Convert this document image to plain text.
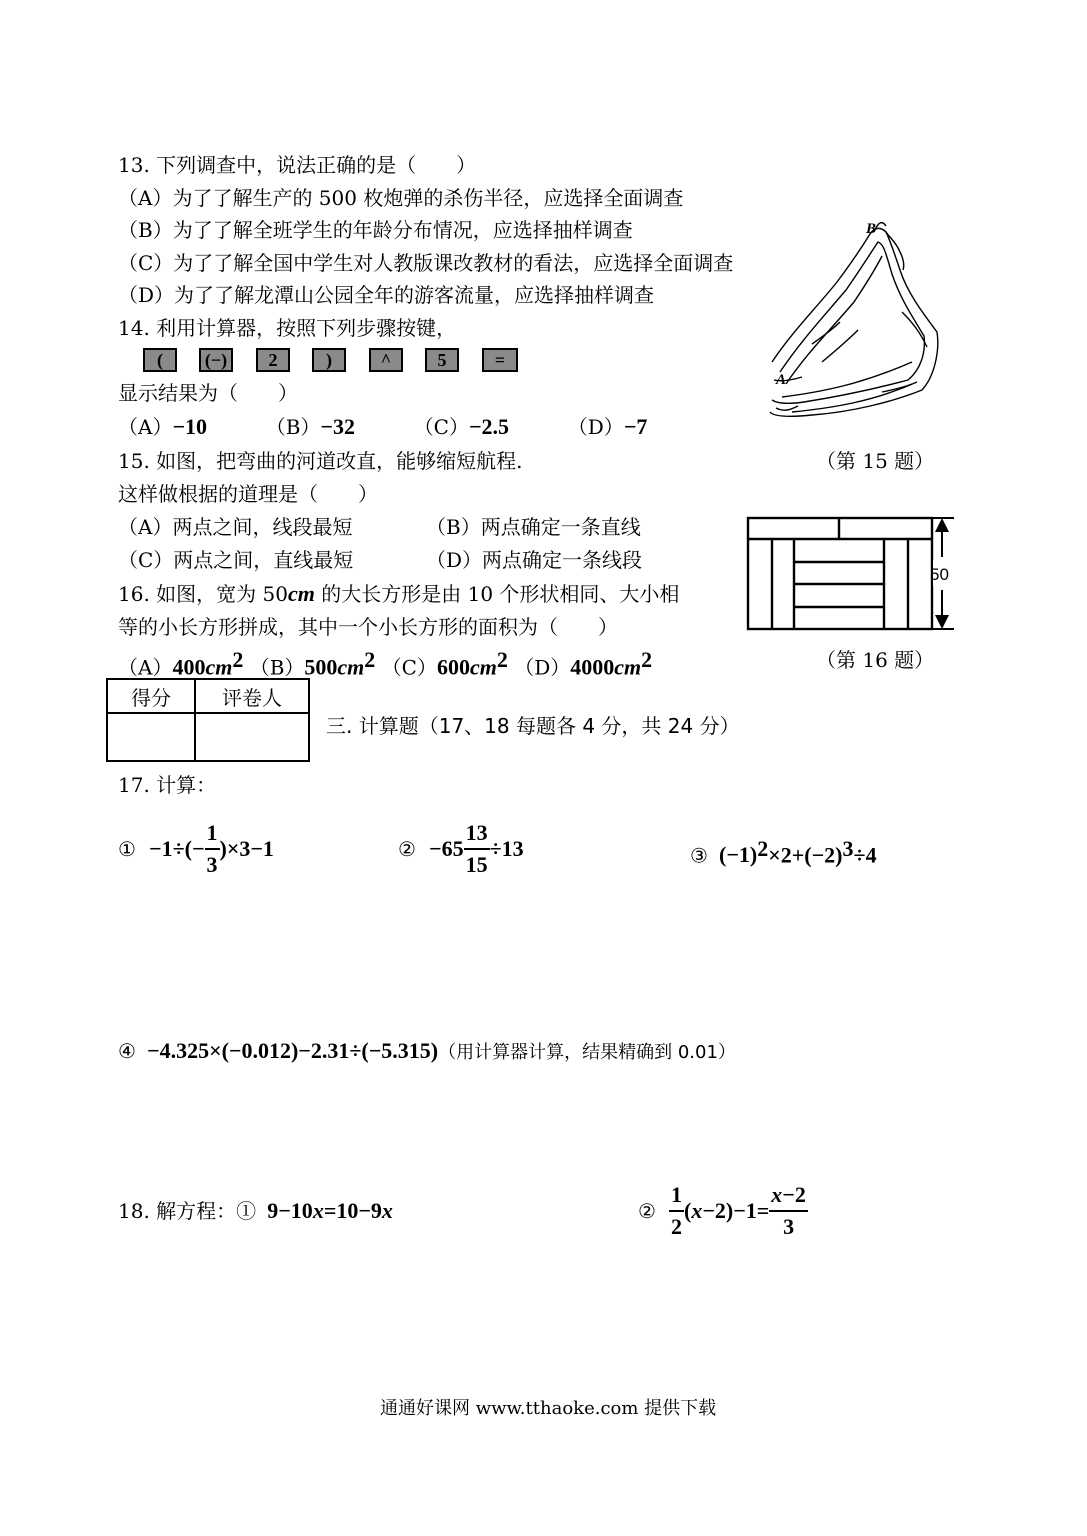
13. 下列调查中，说法正确的是（　　）
（A）为了了解生产的 500 枚炮弹的杀伤半径，应选择全面调查
（B）为了了解全班学生的年龄分布情况，应选择抽样调查
（C）为了了解全国中学生对人教版课改教材的看法，应选择全面调查
（D）为了了解龙潭山公园全年的游客流量，应选择抽样调查
14. 利用计算器，按照下列步骤按键，
(	(−)	2	)	^	5	=
显示结果为（　　）
（A）−10	（B）−32	（C）−2.5	（D）−7
B
A
（第 15 题）
15. 如图，把弯曲的河道改直，能够缩短航程.
这样做根据的道理是（　　）
（A）两点之间，线段最短	（B）两点确定一条直线
（C）两点之间，直线最短	（D）两点确定一条线段
50
（第 16 题）
16. 如图，宽为 50cm 的大长方形是由 10 个形状相同、大小相
等的小长方形拼成，其中一个小长方形的面积为（　　）
$(A)400cm^2$ $(B)500cm^2$ $(C)600cm^2$ $(D)4000cm^2$
得分	评卷人

三. 计算题（17、18 每题各 4 分，共 24 分）
17. 计算：
① $-1\div(- \frac{1}{3} )\times 3-1$	② $-65 \frac{13}{15} \div 13$	③ $(-1)^2\times 2+(-2)^3\div 4$
④ −4.325×(−0.012)−2.31÷(−5.315)（用计算器计算，结果精确到 0.01）
18. 解方程：① 9−10x=10−9x	② $\frac{1}{2} (x-2)-1= \frac{x-2}{3}$
通通好课网 www.tthaoke.com 提供下载
